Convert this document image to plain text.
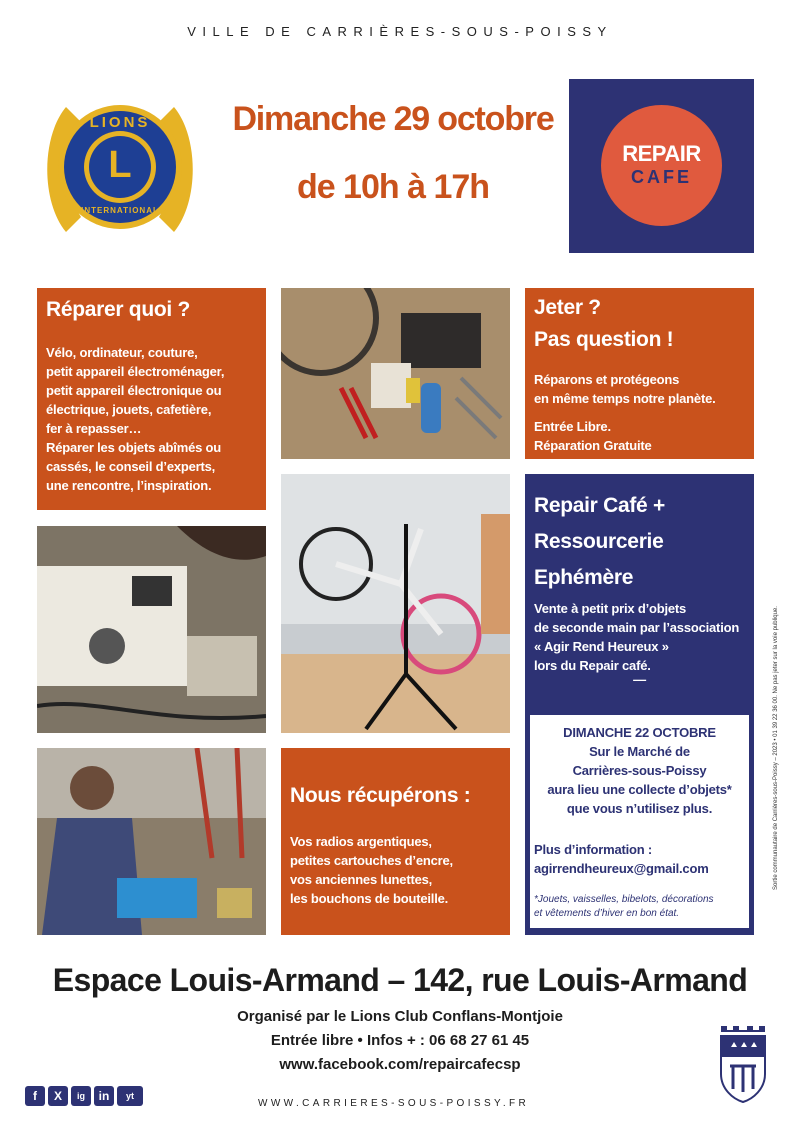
VILLE DE CARRIÈRES-SOUS-POISSY
LIONS
L
INTERNATIONAL
Dimanche 29 octobre
de 10h à 17h
REPAIR
CAFE
Réparer quoi ?
Vélo, ordinateur, couture,
petit appareil électroménager,
petit appareil électronique ou
électrique, jouets, cafetière,
fer à repasser…
Réparer les objets abîmés ou
cassés, le conseil d’experts,
une rencontre, l’inspiration.
Jeter ?
Pas question !
Réparons et protégeons
en même temps notre planète.
Entrée Libre.
Réparation Gratuite
Repair Café +
Ressourcerie
Ephémère
Vente à petit prix d’objets
de seconde main par l’association
« Agir Rend Heureux »
lors du Repair café.
—
DIMANCHE 22 OCTOBRE
Sur le Marché de
Carrières-sous-Poissy
aura lieu une collecte d’objets*
que vous n’utilisez plus.
Plus d’information :
agirrendheureux@gmail.com
*Jouets, vaisselles, bibelots, décorations
et vêtements d’hiver en bon état.
Nous récupérons :
Vos radios argentiques,
petites cartouches d’encre,
vos anciennes lunettes,
les bouchons de bouteille.
Sortie communautaire de Carrières-sous-Poissy – 2023 • 01 39 22 36 00. Ne pas jeter sur la voie publique.
Espace Louis-Armand – 142, rue Louis-Armand
Organisé par le Lions Club Conflans-Montjoie
Entrée libre • Infos + : 06 68 27 61 45
www.facebook.com/repaircafecsp
f	X	ig	in	yt
WWW.CARRIERES-SOUS-POISSY.FR
